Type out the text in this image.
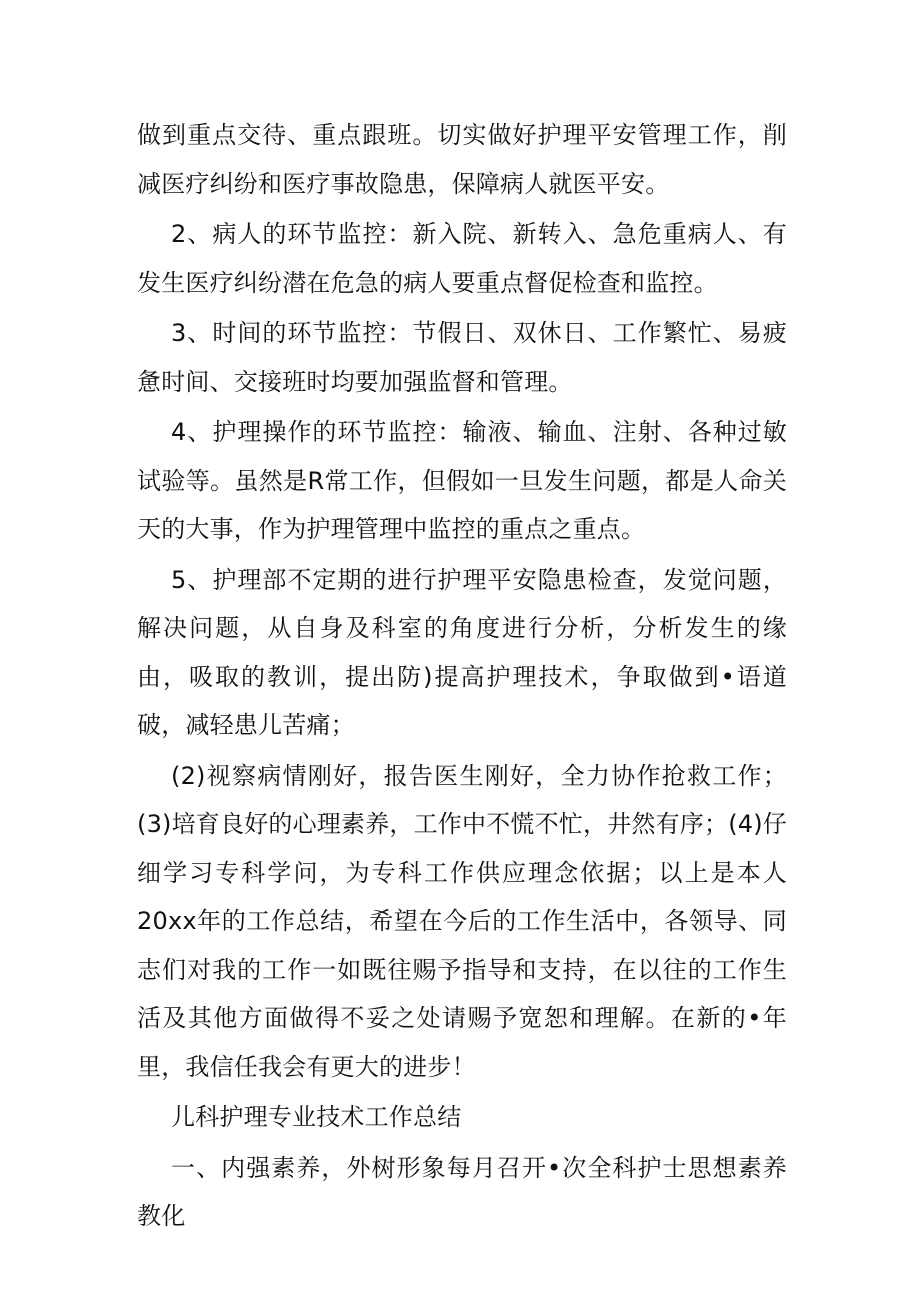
做到重点交待、重点跟班。切实做好护理平安管理工作，削减医疗纠纷和医疗事故隐患，保障病人就医平安。

2、病人的环节监控：新入院、新转入、急危重病人、有发生医疗纠纷潜在危急的病人要重点督促检查和监控。

3、时间的环节监控：节假日、双休日、工作繁忙、易疲惫时间、交接班时均要加强监督和管理。

4、护理操作的环节监控：输液、输血、注射、各种过敏试验等。虽然是R常工作，但假如一旦发生问题，都是人命关天的大事，作为护理管理中监控的重点之重点。

5、护理部不定期的进行护理平安隐患检查，发觉问题，解决问题，从自身及科室的角度进行分析，分析发生的缘由，吸取的教训，提出防)提高护理技术，争取做到•语道破，减轻患儿苦痛；

(2)视察病情刚好，报告医生刚好，全力协作抢救工作；(3)培育良好的心理素养，工作中不慌不忙，井然有序；(4)仔细学习专科学问，为专科工作供应理念依据；以上是本人20xx年的工作总结，希望在今后的工作生活中，各领导、同志们对我的工作一如既往赐予指导和支持，在以往的工作生活及其他方面做得不妥之处请赐予宽恕和理解。在新的•年里，我信任我会有更大的进步！

儿科护理专业技术工作总结

一、内强素养，外树形象每月召开•次全科护士思想素养教化
